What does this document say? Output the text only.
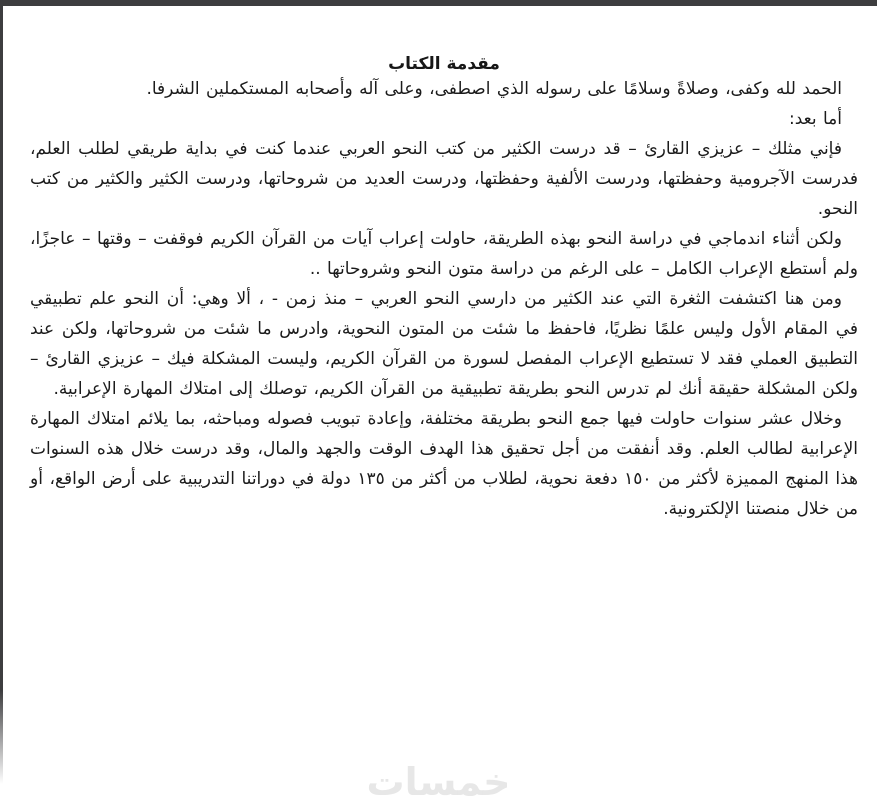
مقدمة الكتاب

الحمد لله وكفى، وصلاةً وسلامًا على رسوله الذي اصطفى، وعلى آله وأصحابه المستكملين الشرفا.

أما بعد:

فإني مثلك – عزيزي القارئ – قد درست الكثير من كتب النحو العربي عندما كنت في بداية طريقي لطلب العلم، فدرست الآجرومية وحفظتها، ودرست الألفية وحفظتها، ودرست العديد من شروحاتها، ودرست الكثير والكثير من كتب النحو.

ولكن أثناء اندماجي في دراسة النحو بهذه الطريقة، حاولت إعراب آيات من القرآن الكريم فوقفت – وقتها – عاجزًا، ولم أستطع الإعراب الكامل – على الرغم من دراسة متون النحو وشروحاتها ..

ومن هنا اكتشفت الثغرة التي عند الكثير من دارسي النحو العربي – منذ زمن - ، ألا وهي: أن النحو علم تطبيقي في المقام الأول وليس علمًا نظريًا، فاحفظ ما شئت من المتون النحوية، وادرس ما شئت من شروحاتها، ولكن عند التطبيق العملي فقد لا تستطيع الإعراب المفصل لسورة من القرآن الكريم، وليست المشكلة فيك – عزيزي القارئ – ولكن المشكلة حقيقة أنك لم تدرس النحو بطريقة تطبيقية من القرآن الكريم، توصلك إلى امتلاك المهارة الإعرابية.

وخلال عشر سنوات حاولت فيها جمع النحو بطريقة مختلفة، وإعادة تبويب فصوله ومباحثه، بما يلائم امتلاك المهارة الإعرابية لطالب العلم. وقد أنفقت من أجل تحقيق هذا الهدف الوقت والجهد والمال، وقد درست خلال هذه السنوات هذا المنهج المميزة لأكثر من ١٥٠ دفعة نحوية، لطلاب من أكثر من ١٣٥ دولة في دوراتنا التدريبية على أرض الواقع، أو من خلال منصتنا الإلكترونية.

خمسات
